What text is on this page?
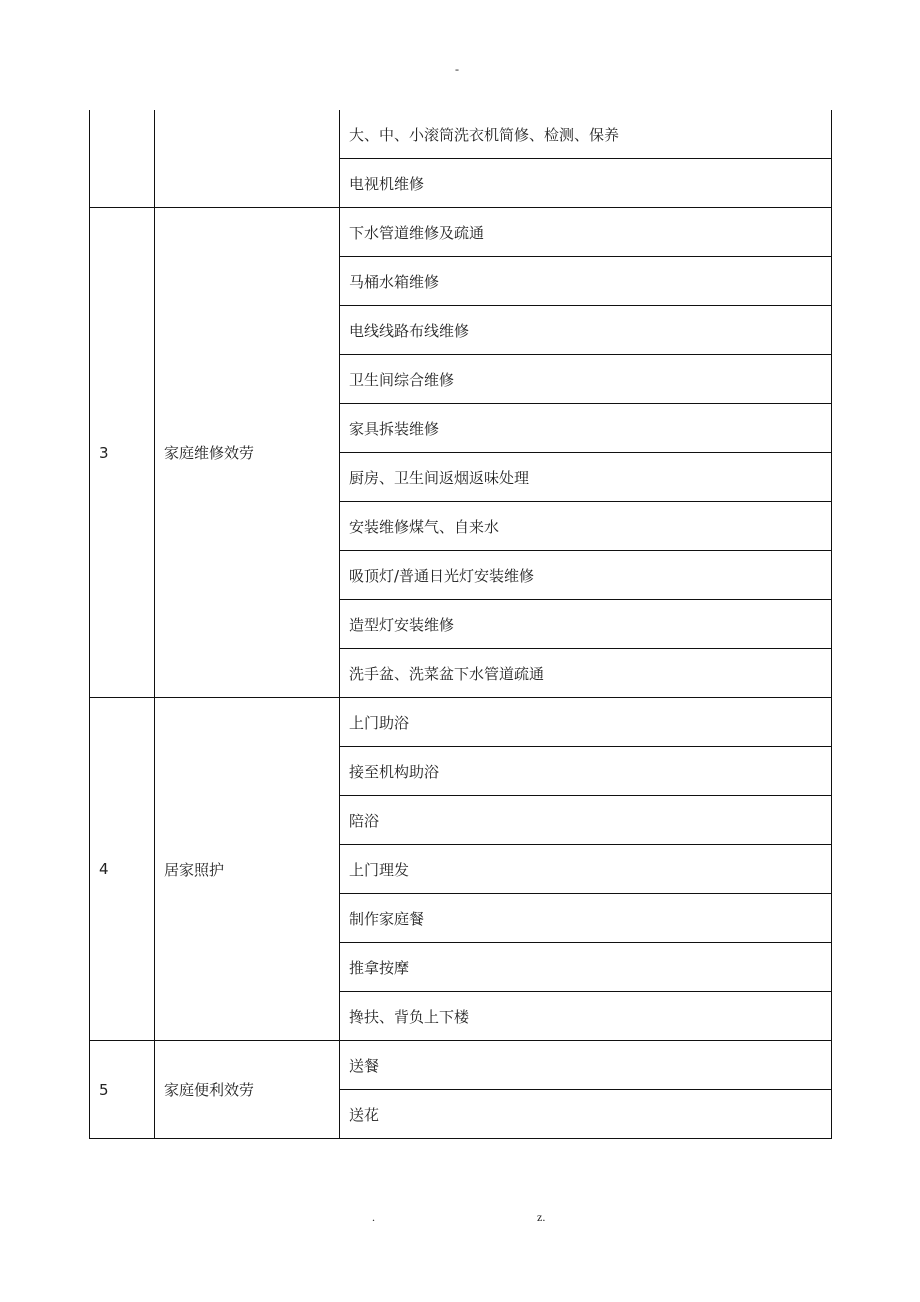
-
		大、中、小滚筒洗衣机简修、检测、保养
		电视机维修
3	家庭维修效劳	下水管道维修及疏通
		马桶水箱维修
		电线线路布线维修
		卫生间综合维修
		家具拆装维修
		厨房、卫生间返烟返味处理
		安装维修煤气、自来水
		吸顶灯/普通日光灯安装维修
		造型灯安装维修
		洗手盆、洗菜盆下水管道疏通
4	居家照护	上门助浴
		接至机构助浴
		陪浴
		上门理发
		制作家庭餐
		推拿按摩
		搀扶、背负上下楼
5	家庭便利效劳	送餐
		送花
.	z.
